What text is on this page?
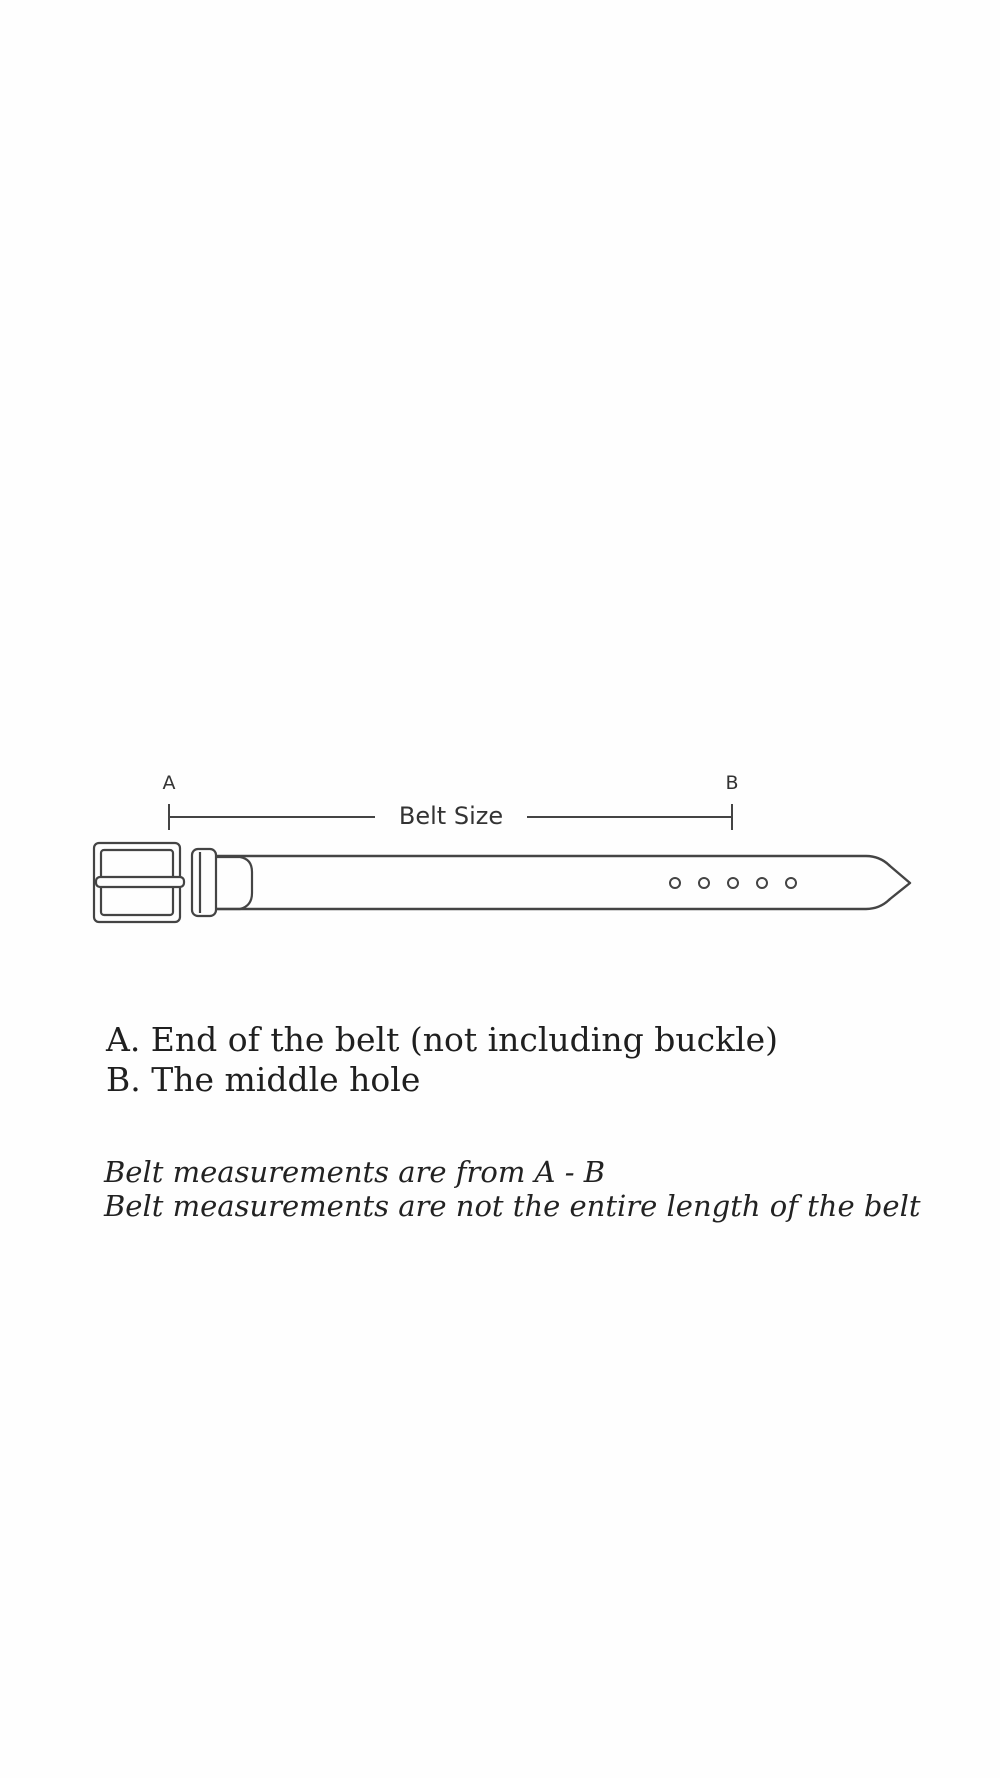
A	B
Belt Size
A. End of the belt (not including buckle)
B. The middle hole
Belt measurements are from A - B
Belt measurements are not the entire length of the belt
